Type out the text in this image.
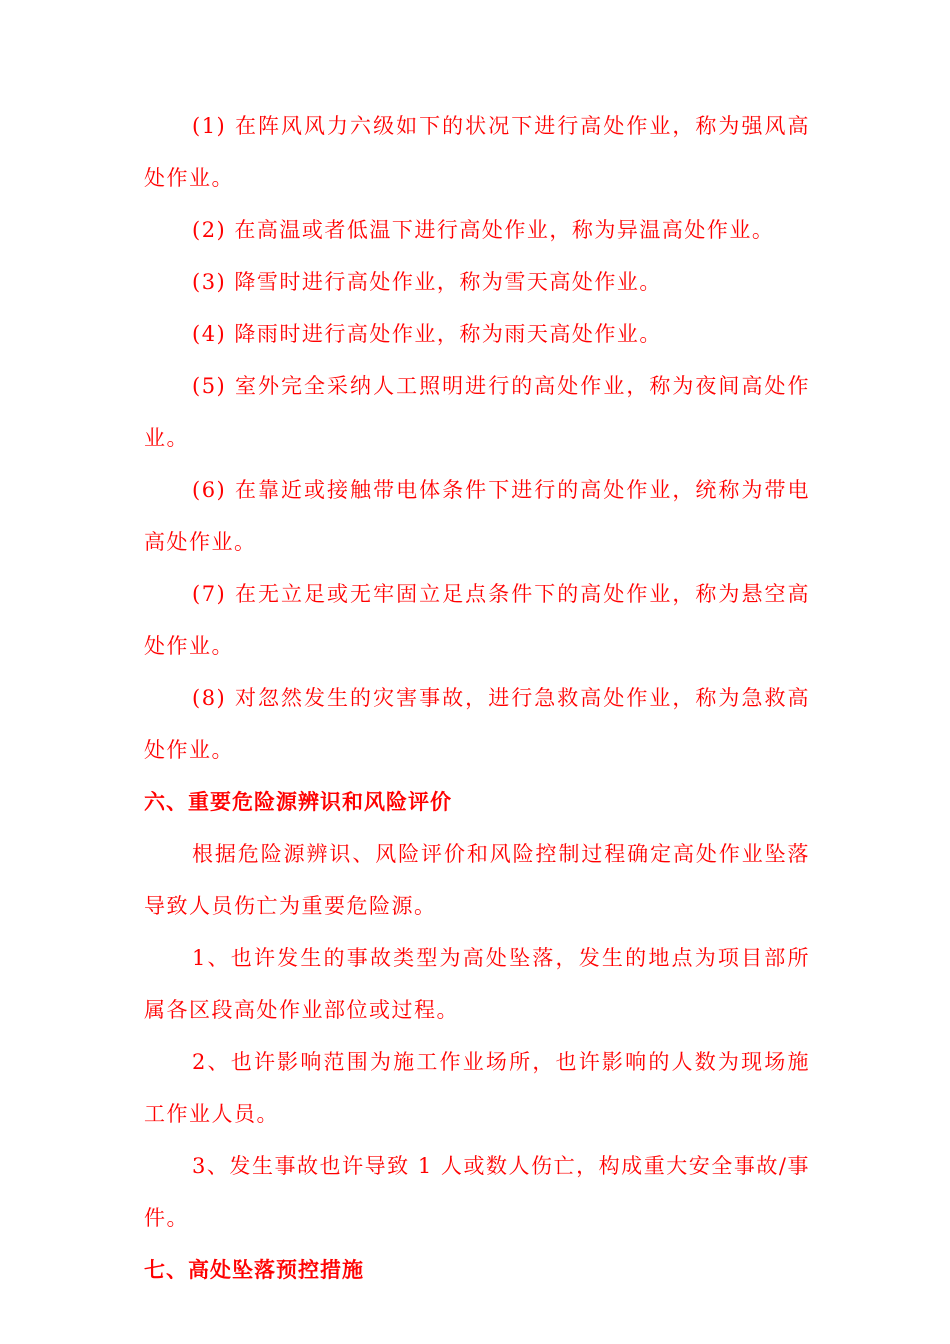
(1) 在阵风风力六级如下的状况下进行高处作业，称为强风高处作业。

(2) 在高温或者低温下进行高处作业，称为异温高处作业。

(3) 降雪时进行高处作业，称为雪天高处作业。

(4) 降雨时进行高处作业，称为雨天高处作业。

(5) 室外完全采纳人工照明进行的高处作业，称为夜间高处作业。

(6) 在靠近或接触带电体条件下进行的高处作业，统称为带电高处作业。

(7) 在无立足或无牢固立足点条件下的高处作业，称为悬空高处作业。

(8) 对忽然发生的灾害事故，进行急救高处作业，称为急救高处作业。

六、重要危险源辨识和风险评价

根据危险源辨识、风险评价和风险控制过程确定高处作业坠落导致人员伤亡为重要危险源。

1、也许发生的事故类型为高处坠落，发生的地点为项目部所属各区段高处作业部位或过程。

2、也许影响范围为施工作业场所，也许影响的人数为现场施工作业人员。

3、发生事故也许导致 1 人或数人伤亡，构成重大安全事故/事件。

七、高处坠落预控措施
